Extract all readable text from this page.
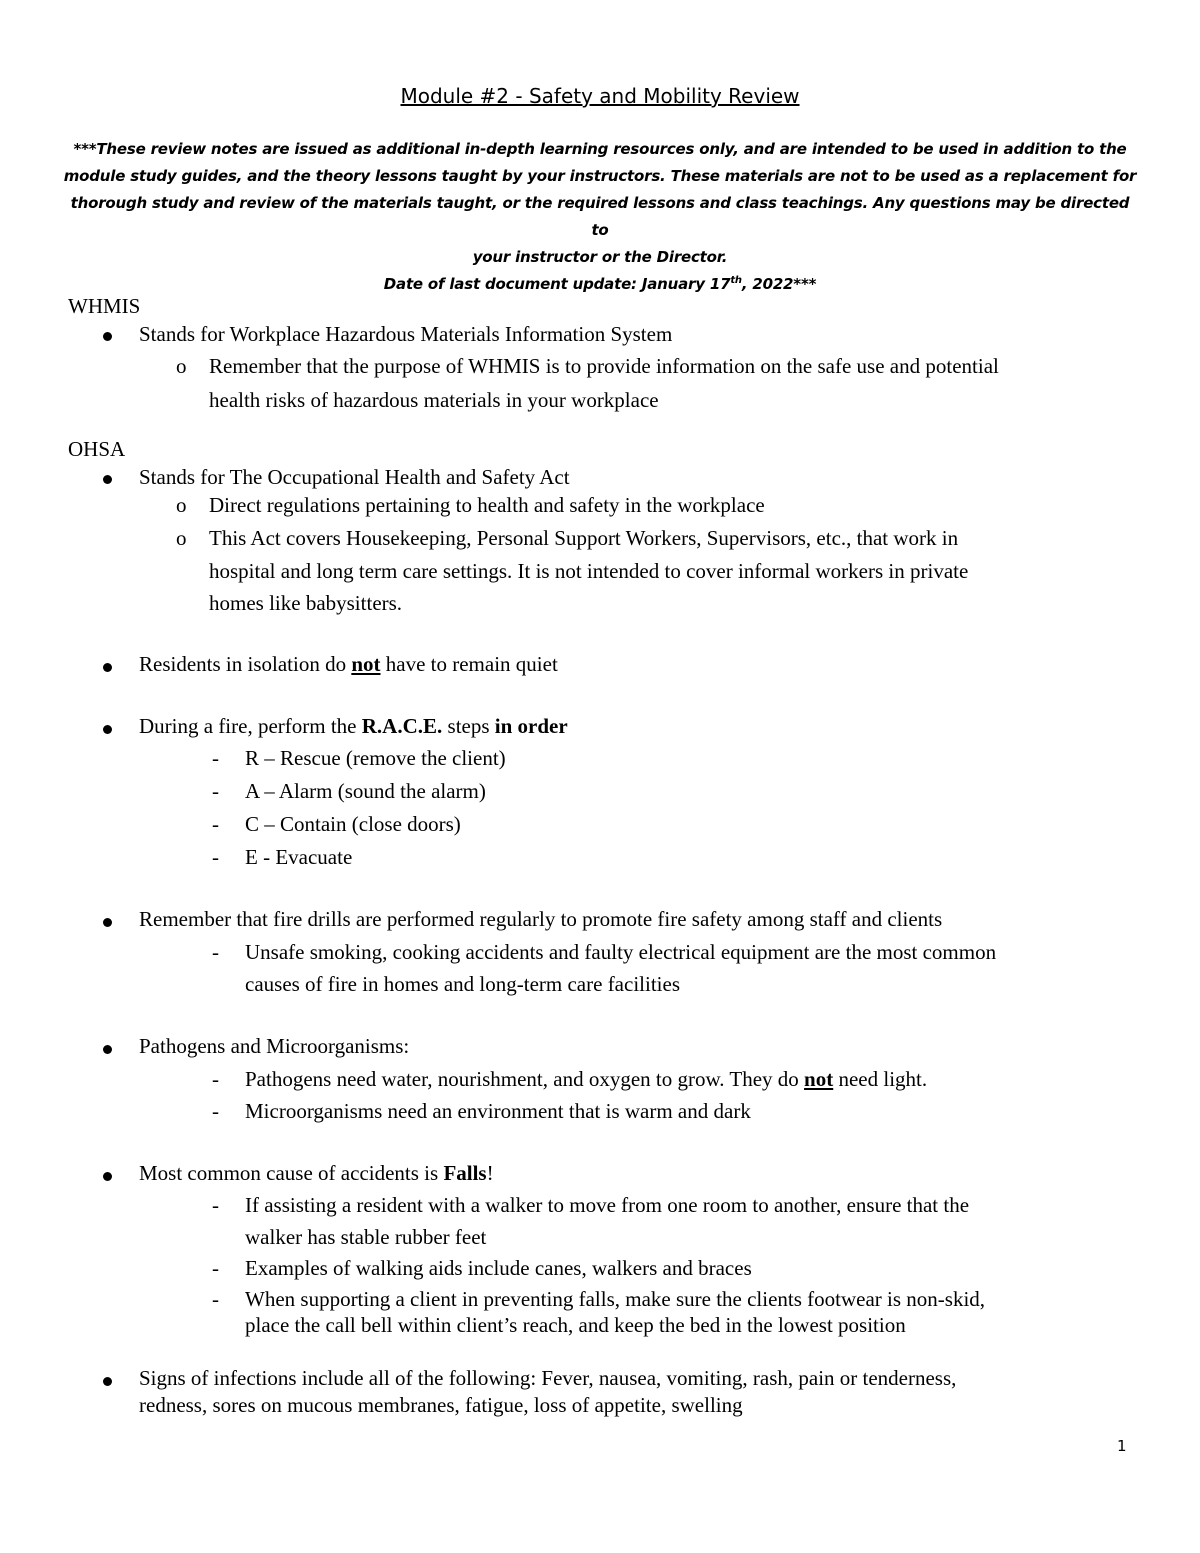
Module #2 - Safety and Mobility Review

***These review notes are issued as additional in-depth learning resources only, and are intended to be used in addition to the

module study guides, and the theory lessons taught by your instructors. These materials are not to be used as a replacement for

thorough study and review of the materials taught, or the required lessons and class teachings. Any questions may be directed to

your instructor or the Director.

Date of last document update: January 17th, 2022***

WHMIS
Stands for Workplace Hazardous Materials Information System
o Remember that the purpose of WHMIS is to provide information on the safe use and potential
health risks of hazardous materials in your workplace
OHSA
Stands for The Occupational Health and Safety Act
o Direct regulations pertaining to health and safety in the workplace
o This Act covers Housekeeping, Personal Support Workers, Supervisors, etc., that work in
hospital and long term care settings. It is not intended to cover informal workers in private
homes like babysitters.
Residents in isolation do not have to remain quiet
During a fire, perform the R.A.C.E. steps in order
- R – Rescue (remove the client)
- A – Alarm (sound the alarm)
- C – Contain (close doors)
- E - Evacuate
Remember that fire drills are performed regularly to promote fire safety among staff and clients
- Unsafe smoking, cooking accidents and faulty electrical equipment are the most common
causes of fire in homes and long-term care facilities
Pathogens and Microorganisms:
- Pathogens need water, nourishment, and oxygen to grow. They do not need light.
- Microorganisms need an environment that is warm and dark
Most common cause of accidents is Falls!
- If assisting a resident with a walker to move from one room to another, ensure that the
walker has stable rubber feet
- Examples of walking aids include canes, walkers and braces
- When supporting a client in preventing falls, make sure the clients footwear is non-skid,
place the call bell within client’s reach, and keep the bed in the lowest position
Signs of infections include all of the following: Fever, nausea, vomiting, rash, pain or tenderness,
redness, sores on mucous membranes, fatigue, loss of appetite, swelling
1
